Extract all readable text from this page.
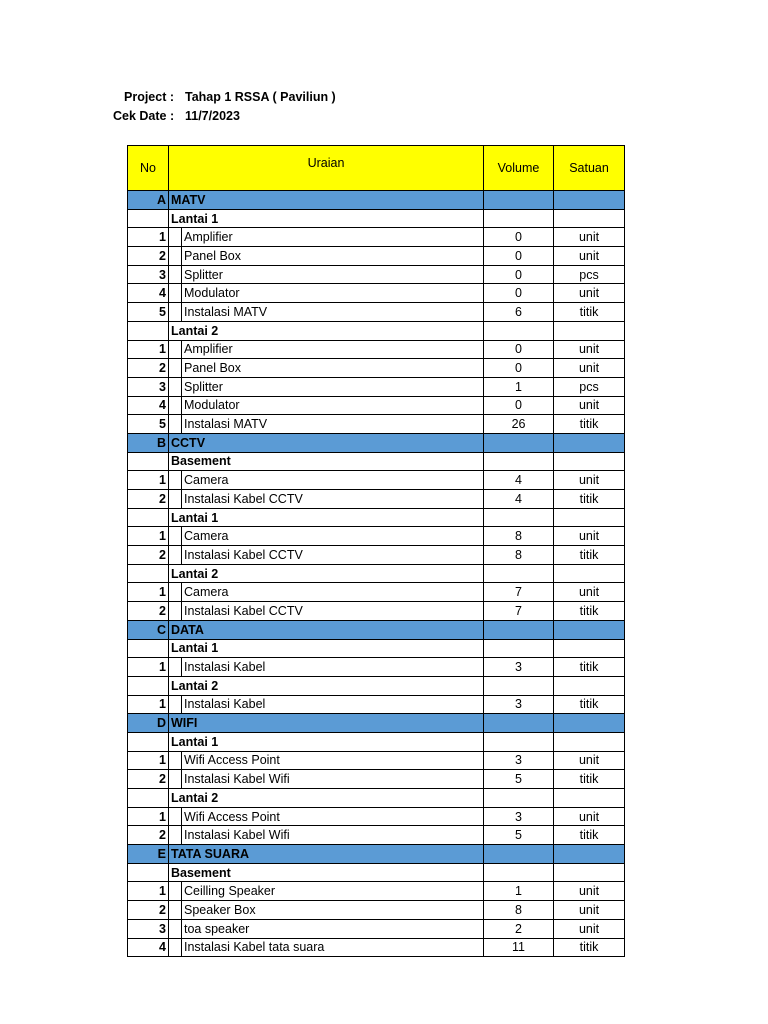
Project : Tahap 1 RSSA ( Paviliun )
Cek Date : 11/7/2023
No	Uraian		Volume	Satuan
A	MATV			
	Lantai 1			
1		Amplifier	0	unit
2		Panel Box	0	unit
3		Splitter	0	pcs
4		Modulator	0	unit
5		Instalasi MATV	6	titik
	Lantai 2			
1		Amplifier	0	unit
2		Panel Box	0	unit
3		Splitter	1	pcs
4		Modulator	0	unit
5		Instalasi MATV	26	titik
B	CCTV			
	Basement			
1		Camera	4	unit
2		Instalasi Kabel CCTV	4	titik
	Lantai 1			
1		Camera	8	unit
2		Instalasi Kabel CCTV	8	titik
	Lantai 2			
1		Camera	7	unit
2		Instalasi Kabel CCTV	7	titik
C	DATA			
	Lantai 1			
1		Instalasi Kabel	3	titik
	Lantai 2			
1		Instalasi Kabel	3	titik
D	WIFI			
	Lantai 1			
1		Wifi Access Point	3	unit
2		Instalasi Kabel Wifi	5	titik
	Lantai 2			
1		Wifi Access Point	3	unit
2		Instalasi Kabel Wifi	5	titik
E	TATA SUARA			
	Basement			
1		Ceilling Speaker	1	unit
2		Speaker Box	8	unit
3		toa speaker	2	unit
4		Instalasi Kabel tata suara	11	titik
